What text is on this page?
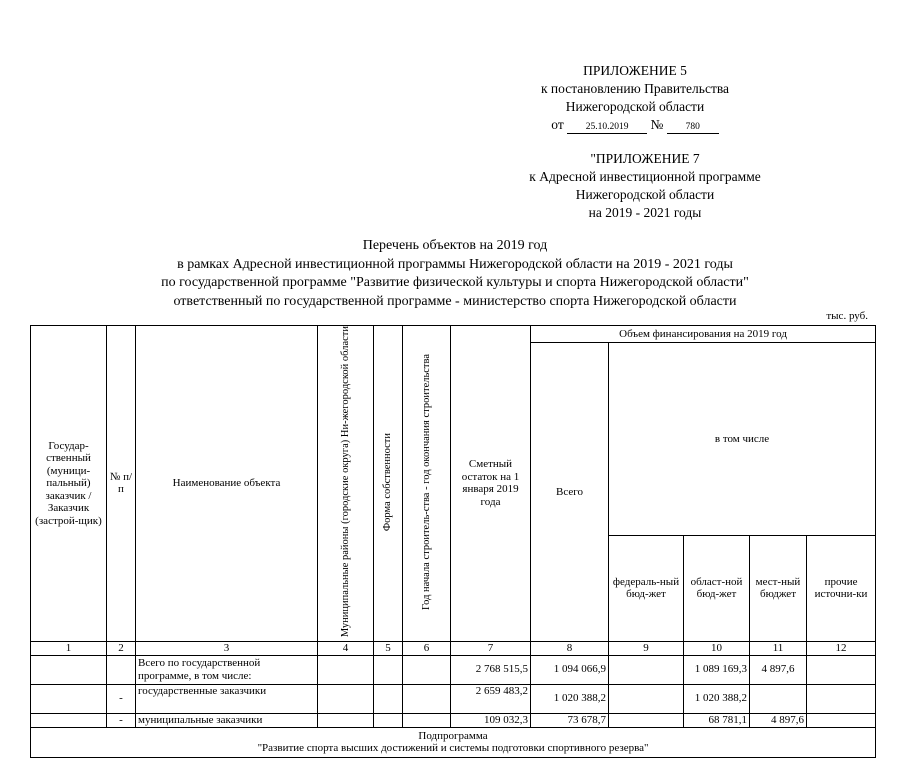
ПРИЛОЖЕНИЕ 5
к постановлению Правительства
Нижегородской области
от 25.10.2019 № 780
"ПРИЛОЖЕНИЕ 7
к Адресной инвестиционной программе
Нижегородской области
на 2019 - 2021 годы
Перечень объектов на 2019 год
в рамках Адресной инвестиционной программы Нижегородской области на 2019 - 2021 годы
по государственной программе "Развитие физической культуры и спорта Нижегородской области"
ответственный по государственной программе - министерство спорта Нижегородской области
тыс. руб.
Государ-ственный (муници-пальный) заказчик / Заказчик (застрой-щик)	№ п/п	Наименование объекта	Муниципальные районы (городские округа) Ни-жегородской области	Форма собственности	Год начала строитель-ства - год окончания строительства	Сметный остаток на 1 января 2019 года	Объем финансирования на 2019 год				
							Всего	в том числе			
								федераль-ный бюд-жет	област-ной бюд-жет	мест-ный бюджет	прочие источни-ки
1	2	3	4	5	6	7	8	9	10	11	12
		Всего по государственной программе, в том числе:				2 768 515,5	1 094 066,9		1 089 169,3	4 897,6	
	-	государственные заказчики				2 659 483,2	1 020 388,2		1 020 388,2		
	-	муниципальные заказчики				109 032,3	73 678,7		68 781,1	4 897,6	

Подпрограмма
"Развитие спорта высших достижений и системы подготовки спортивного резерва"											
